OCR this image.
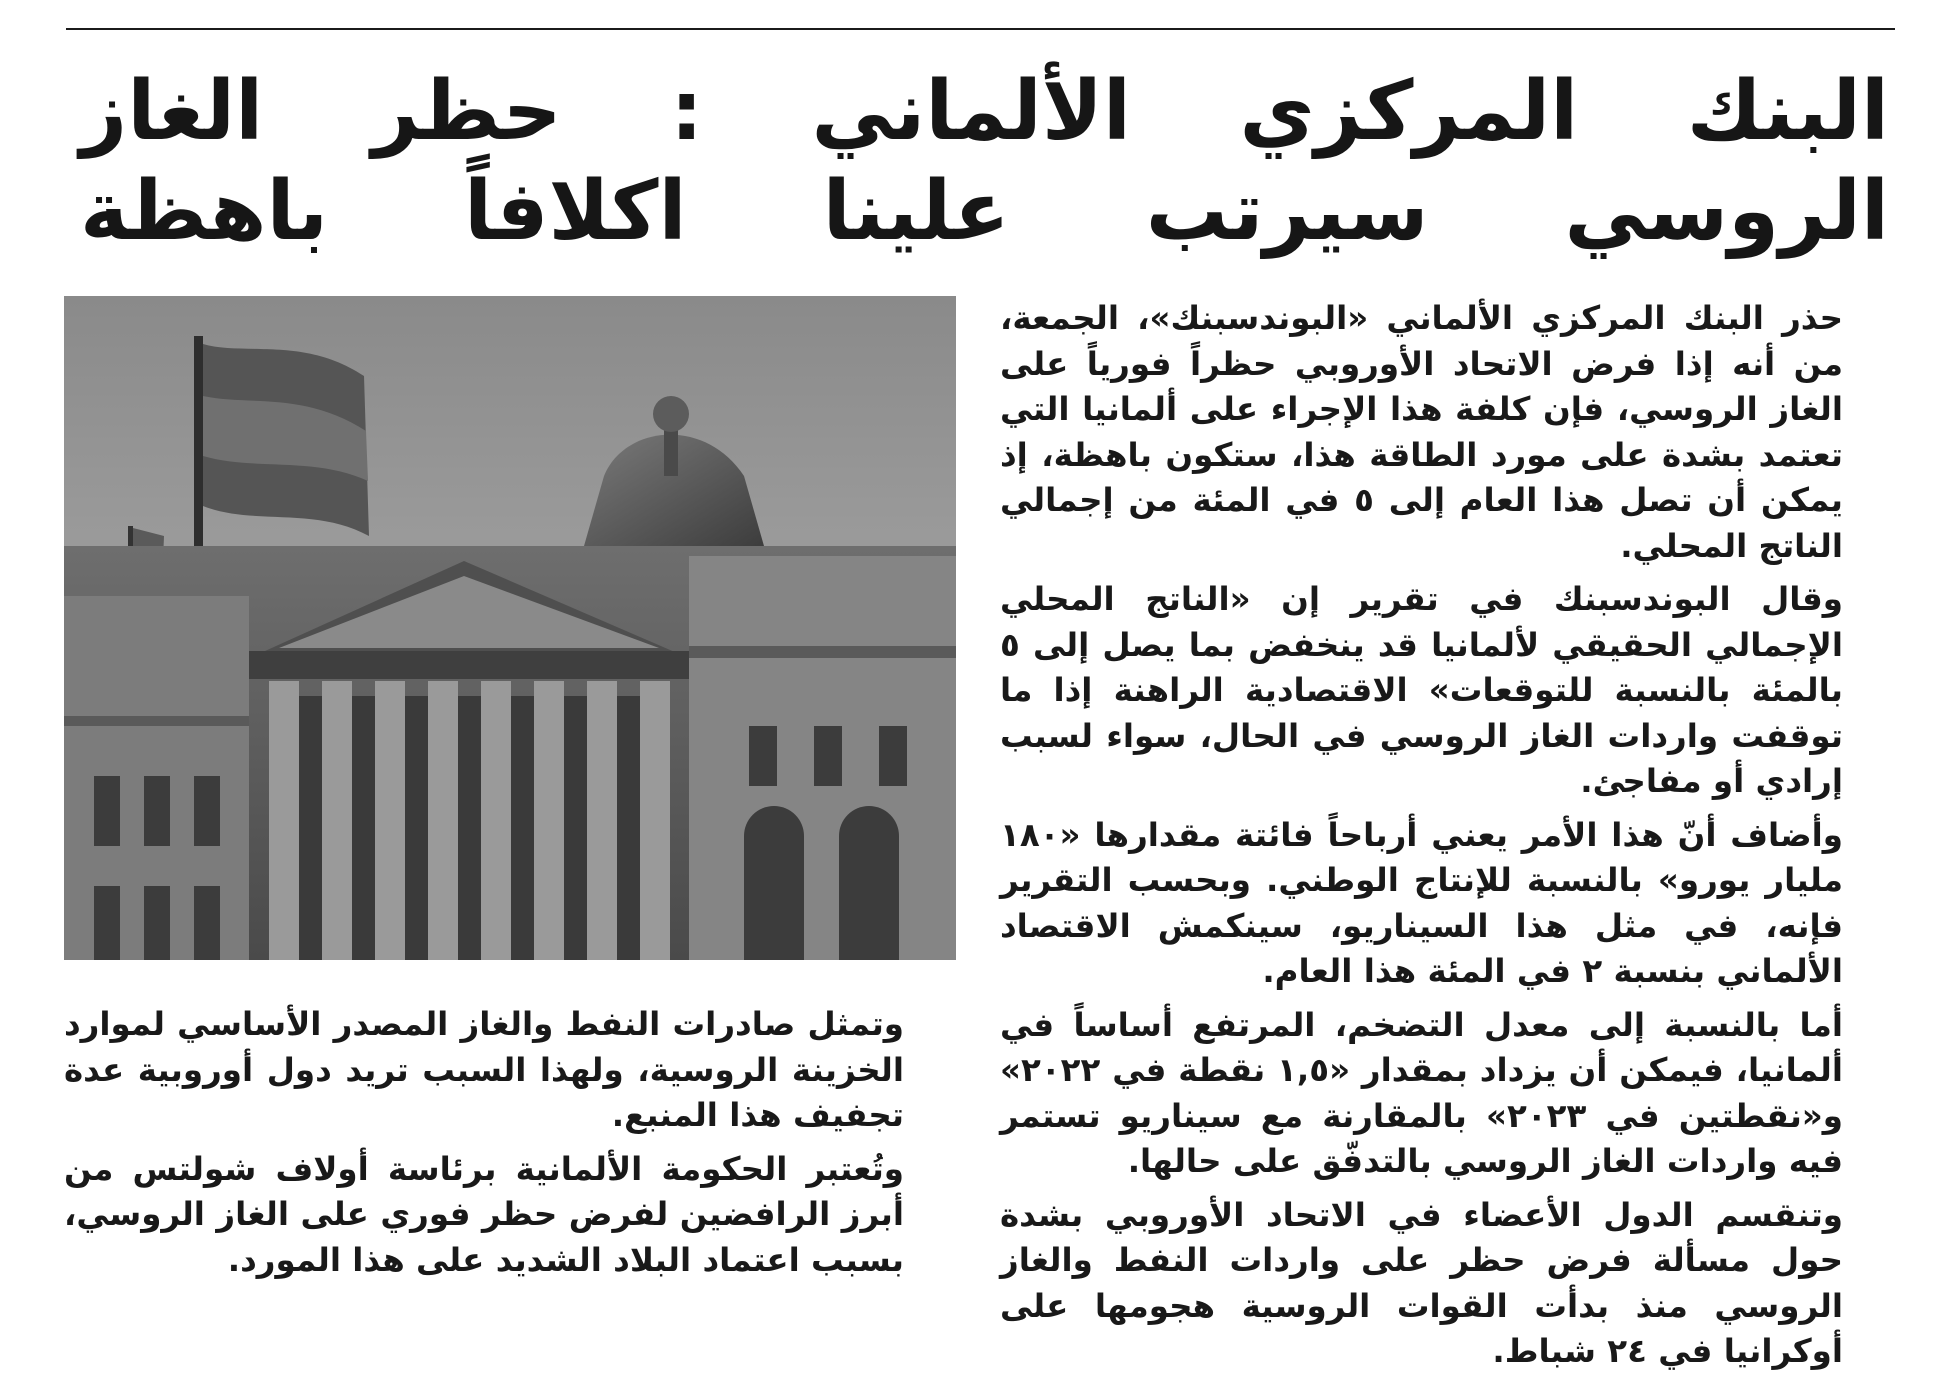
البنك المركزي الألماني : حظر الغاز
الروسي سيرتب علينا اكلافاً باهظة

حذر البنك المركزي الألماني «البوندسبنك»، الجمعة، من أنه إذا فرض الاتحاد الأوروبي حظراً فورياً على الغاز الروسي، فإن كلفة هذا الإجراء على ألمانيا التي تعتمد بشدة على مورد الطاقة هذا، ستكون باهظة، إذ يمكن أن تصل هذا العام إلى ٥ في المئة من إجمالي الناتج المحلي.

وقال البوندسبنك في تقرير إن «الناتج المحلي الإجمالي الحقيقي لألمانيا قد ينخفض بما يصل إلى ٥ بالمئة بالنسبة للتوقعات» الاقتصادية الراهنة إذا ما توقفت واردات الغاز الروسي في الحال، سواء لسبب إرادي أو مفاجئ.

وأضاف أنّ هذا الأمر يعني أرباحاً فائتة مقدارها «١٨٠ مليار يورو» بالنسبة للإنتاج الوطني. وبحسب التقرير فإنه، في مثل هذا السيناريو، سينكمش الاقتصاد الألماني بنسبة ٢ في المئة هذا العام.

أما بالنسبة إلى معدل التضخم، المرتفع أساساً في ألمانيا، فيمكن أن يزداد بمقدار «١,٥ نقطة في ٢٠٢٢» و«نقطتين في ٢٠٢٣» بالمقارنة مع سيناريو تستمر فيه واردات الغاز الروسي بالتدفّق على حالها.

وتنقسم الدول الأعضاء في الاتحاد الأوروبي بشدة حول مسألة فرض حظر على واردات النفط والغاز الروسي منذ بدأت القوات الروسية هجومها على أوكرانيا في ٢٤ شباط.

وتمثل صادرات النفط والغاز المصدر الأساسي لموارد الخزينة الروسية، ولهذا السبب تريد دول أوروبية عدة تجفيف هذا المنبع.

وتُعتبر الحكومة الألمانية برئاسة أولاف شولتس من أبرز الرافضين لفرض حظر فوري على الغاز الروسي، بسبب اعتماد البلاد الشديد على هذا المورد.
